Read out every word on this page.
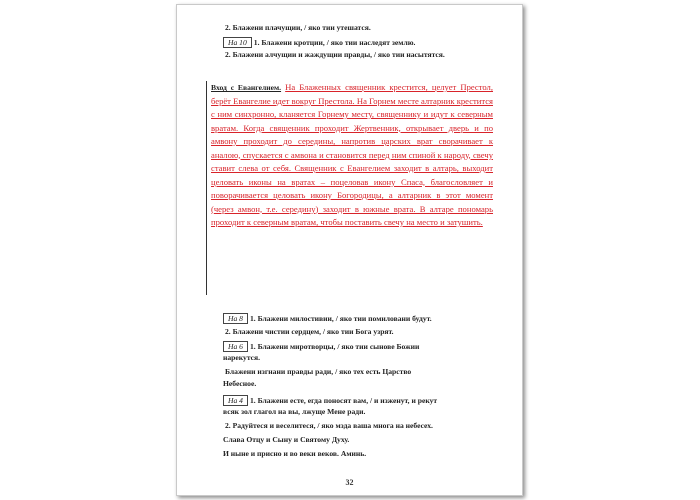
2. Блажени плачущии, / яко тии утешатся.
На 10 1. Блажени кротции, / яко тии наследят землю.
2. Блажени алчущии и жаждущии правды, / яко тии насытятся.
Вход с Евангелием. На Блаженных священник крестится, целует Престол, берёт Евангелие идет вокруг Престола. На Горнем месте алтарник крестится с ним синхронно, кланяется Горнему месту, священнику и идут к северным вратам. Когда священник проходит Жертвенник, открывает дверь и по амвону проходит до середины, напротив царских врат сворачивает к аналою, спускается с амвона и становится перед ним спиной к народу, свечу ставит слева от себя. Священник с Евангелием заходит в алтарь, выходит целовать иконы на вратах – поцеловав икону Спаса, благословляет и поворачивается целовать икону Богородицы, а алтарник в этот момент (через амвон, т.е. середину) заходит в южные врата. В алтаре пономарь проходит к северным вратам, чтобы поставить свечу на место и затушить.
На 8 1. Блажени милостивии, / яко тии помиловани будут.
2. Блажени чистии сердцем, / яко тии Бога узрят.
На 6 1. Блажени миротворцы, / яко тии сынове Божии
нарекутся.
Блажени изгнани правды ради, / яко тех есть Царство
Небесное.
На 4 1. Блажени есте, егда поносят вам, / и изженут, и рекут
всяк зол глагол на вы, лжуще Мене ради.
2. Радуйтеся и веселитеся, / яко мзда ваша многа на небесех.
Слава Отцу и Сыну и Святому Духу.
И ныне и присно и во веки веков. Аминь.
32
